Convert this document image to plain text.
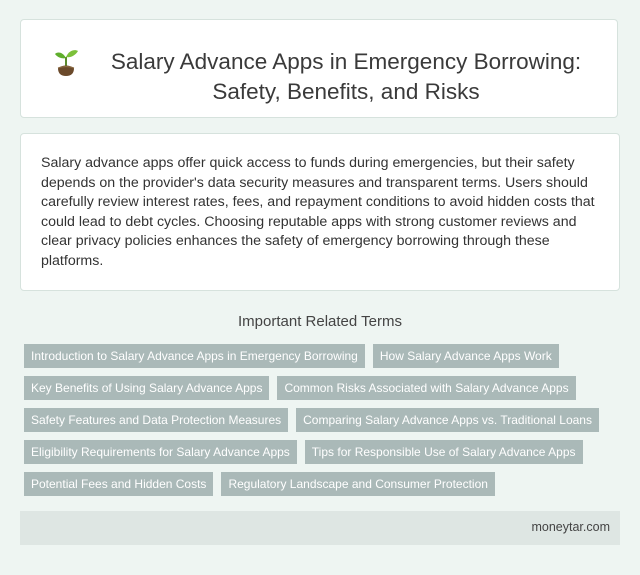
Salary Advance Apps in Emergency Borrowing: Safety, Benefits, and Risks

Salary advance apps offer quick access to funds during emergencies, but their safety depends on the provider's data security measures and transparent terms. Users should carefully review interest rates, fees, and repayment conditions to avoid hidden costs that could lead to debt cycles. Choosing reputable apps with strong customer reviews and clear privacy policies enhances the safety of emergency borrowing through these platforms.

Important Related Terms
Introduction to Salary Advance Apps in Emergency Borrowing	How Salary Advance Apps Work
Key Benefits of Using Salary Advance Apps	Common Risks Associated with Salary Advance Apps
Safety Features and Data Protection Measures	Comparing Salary Advance Apps vs. Traditional Loans
Eligibility Requirements for Salary Advance Apps	Tips for Responsible Use of Salary Advance Apps
Potential Fees and Hidden Costs	Regulatory Landscape and Consumer Protection
moneytar.com
